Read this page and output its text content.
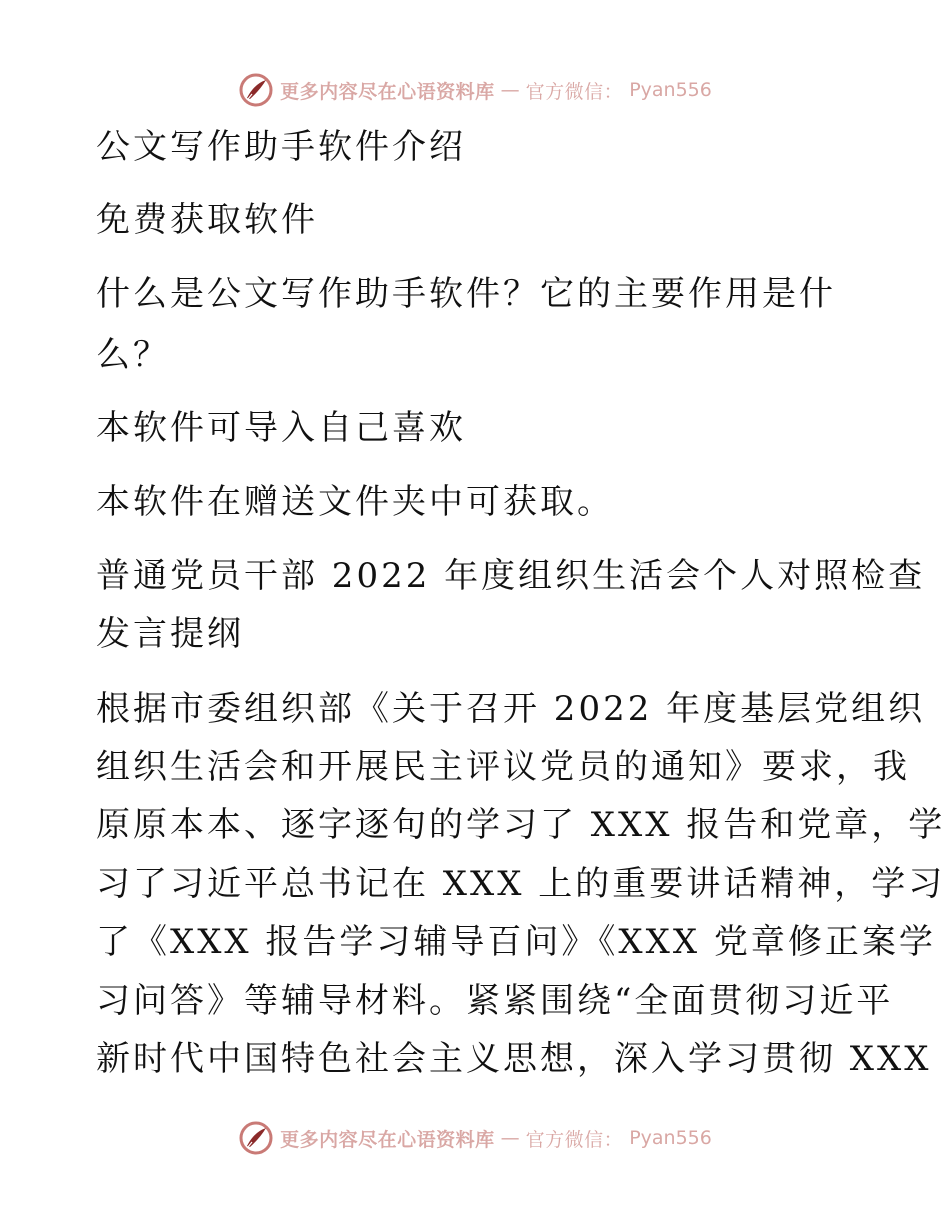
更多内容尽在心语资料库 — 官方微信： Pyan556
公文写作助手软件介绍
免费获取软件
什么是公文写作助手软件？它的主要作用是什
么？
本软件可导入自己喜欢
本软件在赠送文件夹中可获取。
普通党员干部 2022 年度组织生活会个人对照检查
发言提纲
根据市委组织部《关于召开 2022 年度基层党组织
组织生活会和开展民主评议党员的通知》要求，我
原原本本、逐字逐句的学习了 XXX 报告和党章，学
习了习近平总书记在 XXX 上的重要讲话精神，学习
了《XXX 报告学习辅导百问》《XXX 党章修正案学
习问答》等辅导材料。紧紧围绕“全面贯彻习近平
新时代中国特色社会主义思想，深入学习贯彻 XXX
更多内容尽在心语资料库 — 官方微信： Pyan556
